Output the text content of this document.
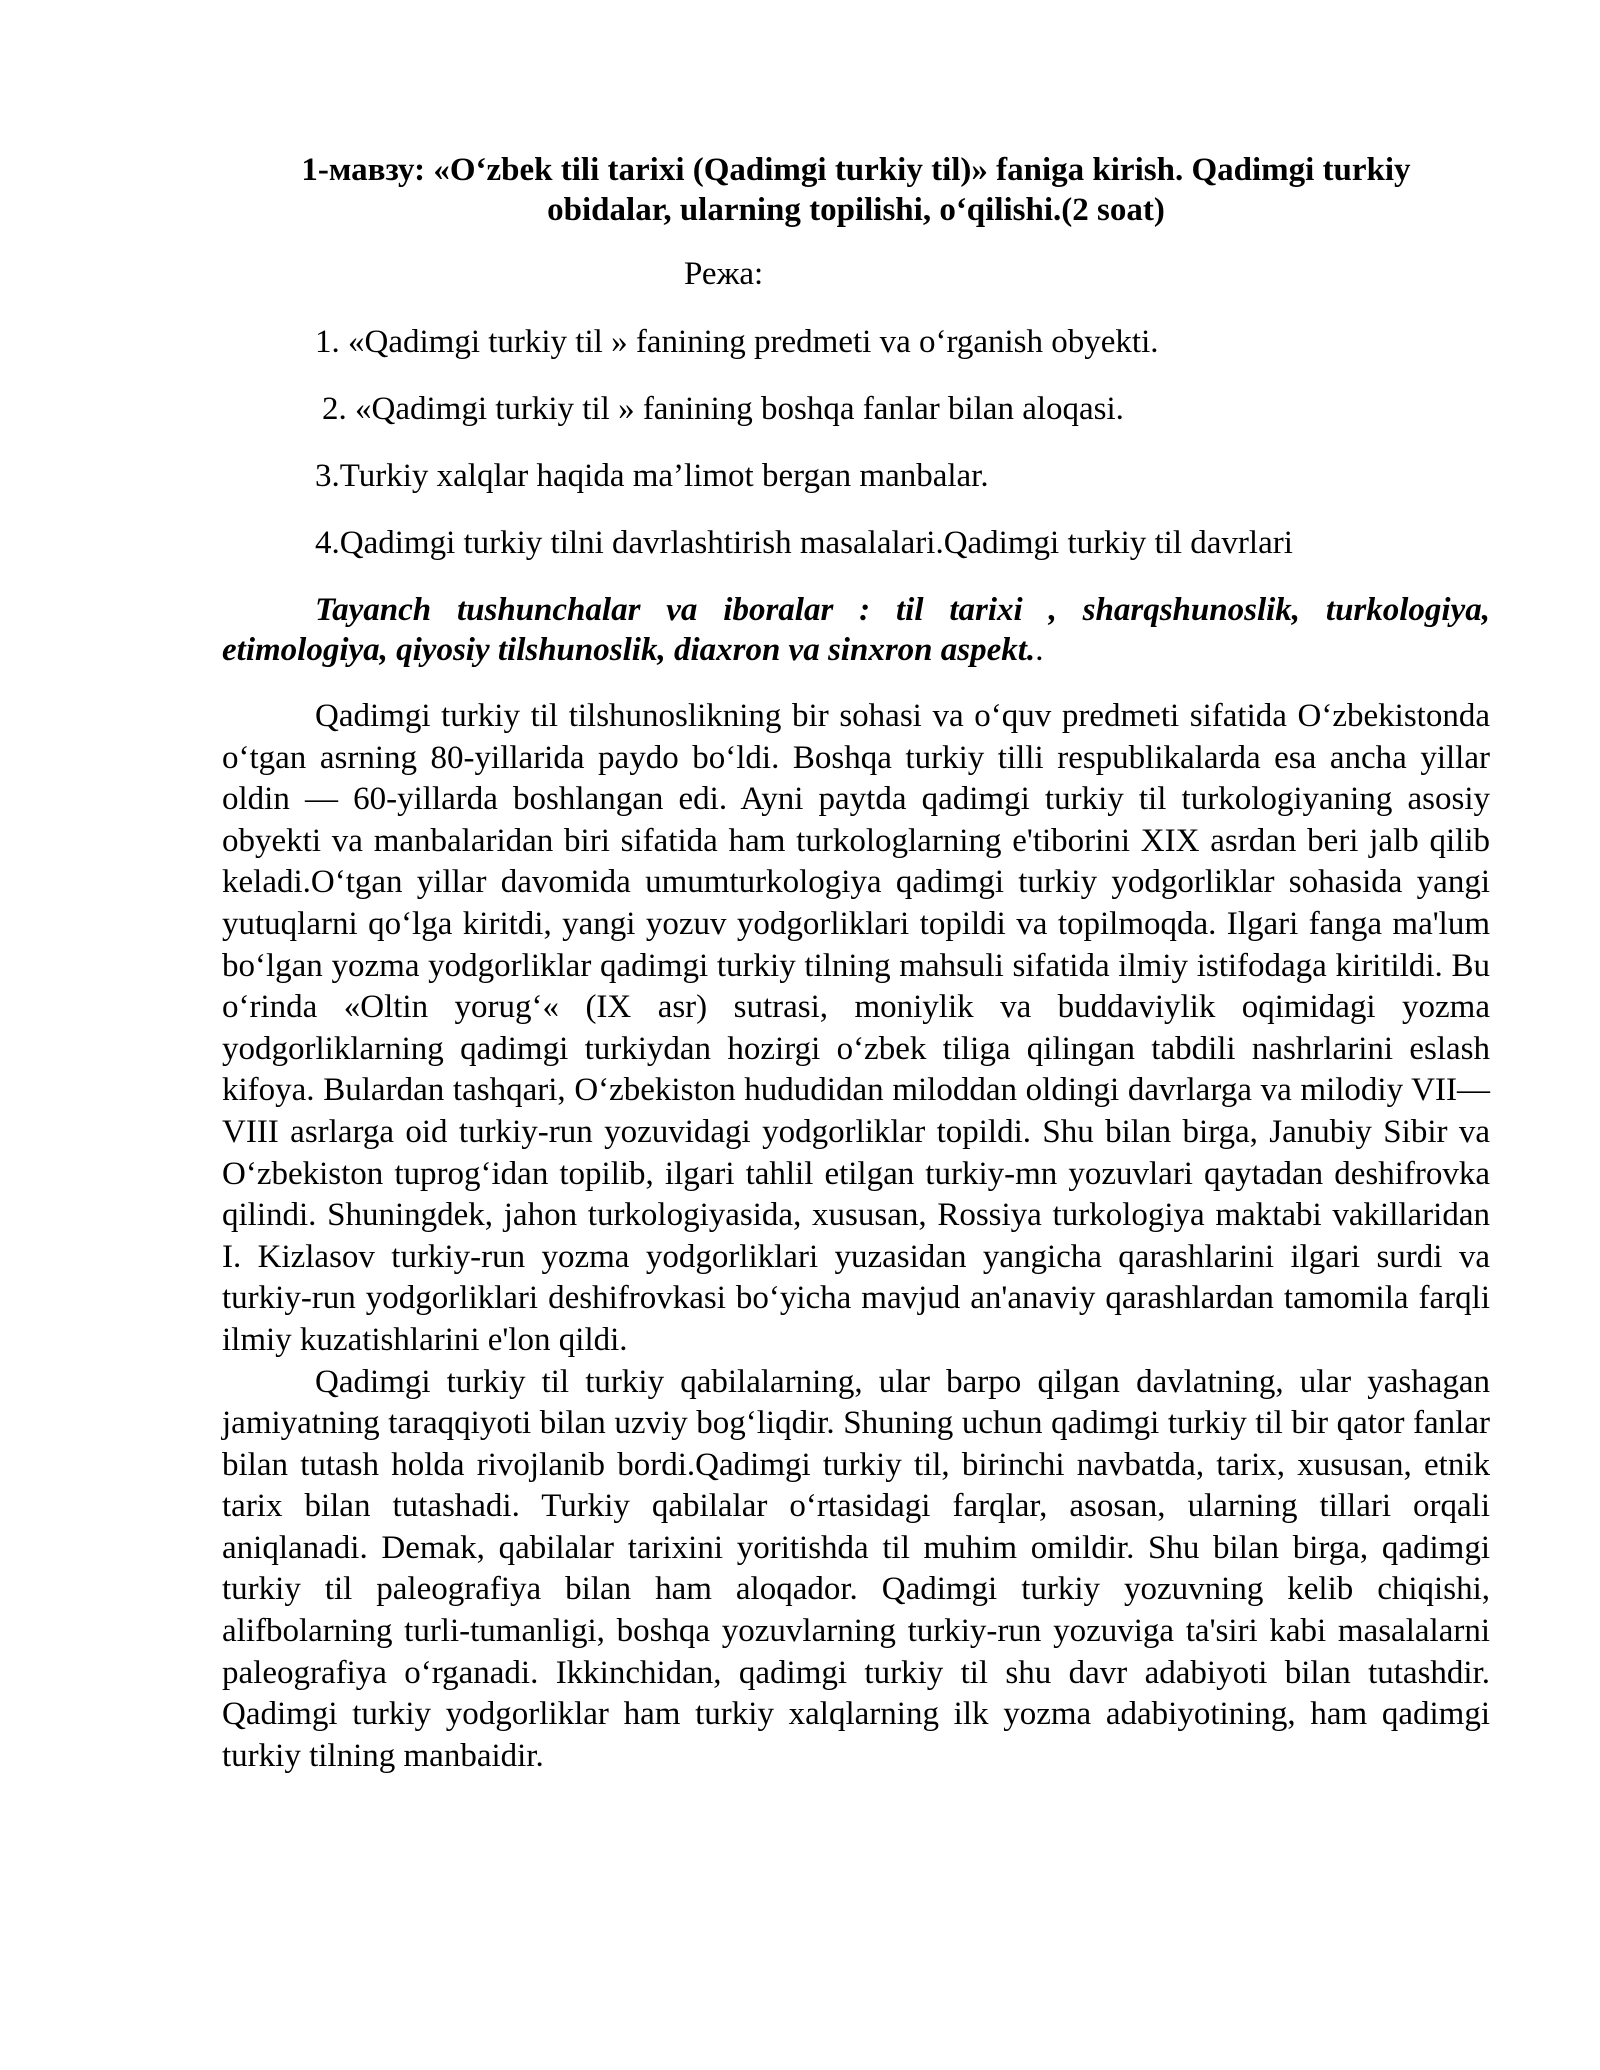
1-мавзу: «Oʻzbek tili tarixi (Qadimgi turkiy til)» faniga kirish. Qadimgi turkiy
obidalar, ularning topilishi, oʻqilishi.(2 soat)

Режа:

1. «Qadimgi turkiy til » fanining predmeti va oʻrganish obyekti.
2. «Qadimgi turkiy til » fanining boshqa fanlar bilan aloqasi.
3.Turkiy xalqlar haqida ma’limot bergan manbalar.
4.Qadimgi turkiy tilni davrlashtirish masalalari.Qadimgi turkiy til davrlari

Tayanch tushunchalar va iboralar : til tarixi , sharqshunoslik, turkologiya, etimologiya, qiyosiy tilshunoslik, diaxron va sinxron aspekt..

Qadimgi turkiy til tilshunoslikning bir sohasi va oʻquv predmeti sifatida Oʻzbekistonda oʻtgan asrning 80-yillarida paydo boʻldi. Boshqa turkiy tilli respublikalarda esa ancha yillar oldin — 60-yillarda boshlangan edi. Ayni paytda qadimgi turkiy til turkologiyaning asosiy obyekti va manbalaridan biri sifatida ham turkologlarning e'tiborini XIX asrdan beri jalb qilib keladi.Oʻtgan yillar davomida umumturkologiya qadimgi turkiy yodgorliklar sohasida yangi yutuqlarni qoʻlga kiritdi, yangi yozuv yodgorliklari topildi va topilmoqda. Ilgari fanga ma'lum boʻlgan yozma yodgorliklar qadimgi turkiy tilning mahsuli sifatida ilmiy istifodaga kiritildi. Bu oʻrinda «Oltin yorugʻ« (IX asr) sutrasi, moniylik va buddaviylik oqimidagi yozma yodgorliklarning qadimgi turkiydan hozirgi oʻzbek tiliga qilingan tabdili nashrlarini eslash kifoya. Bulardan tashqari, Oʻzbekiston hududidan miloddan oldingi davrlarga va milodiy VII—VIII asrlarga oid turkiy-run yozuvidagi yodgorliklar topildi. Shu bilan birga, Janubiy Sibir va Oʻzbekiston tuprogʻidan topilib, ilgari tahlil etilgan turkiy-mn yozuvlari qaytadan deshifrovka qilindi. Shuningdek, jahon turkologiyasida, xususan, Rossiya turkologiya maktabi vakillaridan I. Kizlasov turkiy-run yozma yodgorliklari yuzasidan yangicha qarashlarini ilgari surdi va turkiy-run yodgorliklari deshifrovkasi boʻyicha mavjud an'anaviy qarashlardan tamomila farqli ilmiy kuzatishlarini e'lon qildi.

Qadimgi turkiy til turkiy qabilalarning, ular barpo qilgan davlatning, ular yashagan jamiyatning taraqqiyoti bilan uzviy bogʻliqdir. Shuning uchun qadimgi turkiy til bir qator fanlar bilan tutash holda rivojlanib bordi.Qadimgi turkiy til, birinchi navbatda, tarix, xususan, etnik tarix bilan tutashadi. Turkiy qabilalar oʻrtasidagi farqlar, asosan, ularning tillari orqali aniqlanadi. Demak, qabilalar tarixini yoritishda til muhim omildir. Shu bilan birga, qadimgi turkiy til paleografiya bilan ham aloqador. Qadimgi turkiy yozuvning kelib chiqishi, alifbolarning turli-tumanligi, boshqa yozuvlarning turkiy-run yozuviga ta'siri kabi masalalarni paleografiya oʻrganadi. Ikkinchidan, qadimgi turkiy til shu davr adabiyoti bilan tutashdir. Qadimgi turkiy yodgorliklar ham turkiy xalqlarning ilk yozma adabiyotining, ham qadimgi turkiy tilning manbaidir.
